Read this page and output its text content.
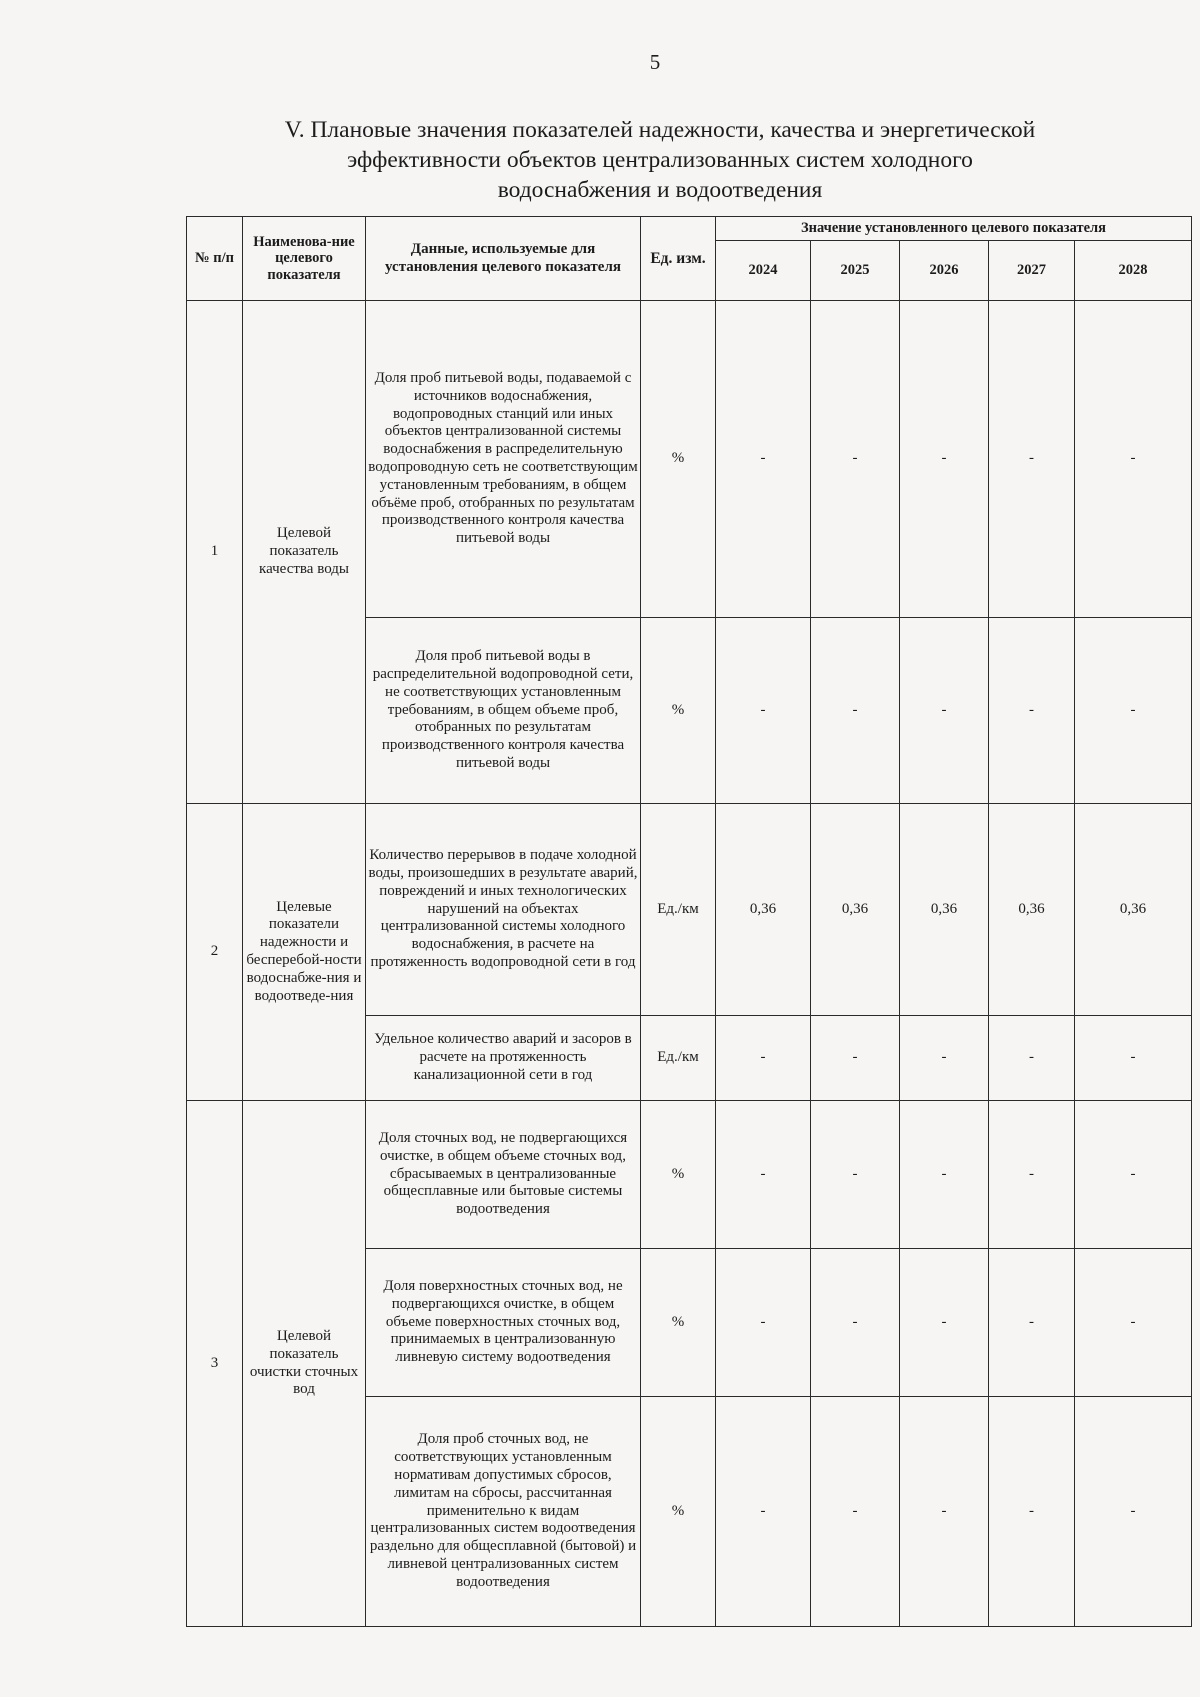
5
V. Плановые значения показателей надежности, качества и энергетической
эффективности объектов централизованных систем холодного
водоснабжения и водоотведения
№ п/п	Наименова-ние целевого показателя	Данные, используемые для установления целевого показателя	Ед. изм.	Значение установленного целевого показателя				
				2024	2025	2026	2027	2028
1	Целевой показатель качества воды	Доля проб питьевой воды, подаваемой с источников водоснабжения, водопроводных станций или иных объектов централизованной системы водоснабжения в распределительную водопроводную сеть не соответствующим установленным требованиям, в общем объёме проб, отобранных по результатам производственного контроля качества питьевой воды	%	-	-	-	-	-
		Доля проб питьевой воды в распределительной водопроводной сети, не соответствующих установленным требованиям, в общем объеме проб, отобранных по результатам производственного контроля качества питьевой воды	%	-	-	-	-	-
2	Целевые показатели надежности и бесперебой-ности водоснабже-ния и водоотведе-ния	Количество перерывов в подаче холодной воды, произошедших в результате аварий, повреждений и иных технологических нарушений на объектах централизованной системы холодного водоснабжения, в расчете на протяженность водопроводной сети в год	Ед./км	0,36	0,36	0,36	0,36	0,36
		Удельное количество аварий и засоров в расчете на протяженность канализационной сети в год	Ед./км	-	-	-	-	-
3	Целевой показатель очистки сточных вод	Доля сточных вод, не подвергающихся очистке, в общем объеме сточных вод, сбрасываемых в централизованные общесплавные или бытовые системы водоотведения	%	-	-	-	-	-
		Доля поверхностных сточных вод, не подвергающихся очистке, в общем объеме поверхностных сточных вод, принимаемых в централизованную ливневую систему водоотведения	%	-	-	-	-	-
		Доля проб сточных вод, не соответствующих установленным нормативам допустимых сбросов, лимитам на сбросы, рассчитанная применительно к видам централизованных систем водоотведения раздельно для общесплавной (бытовой) и ливневой централизованных систем водоотведения	%	-	-	-	-	-
